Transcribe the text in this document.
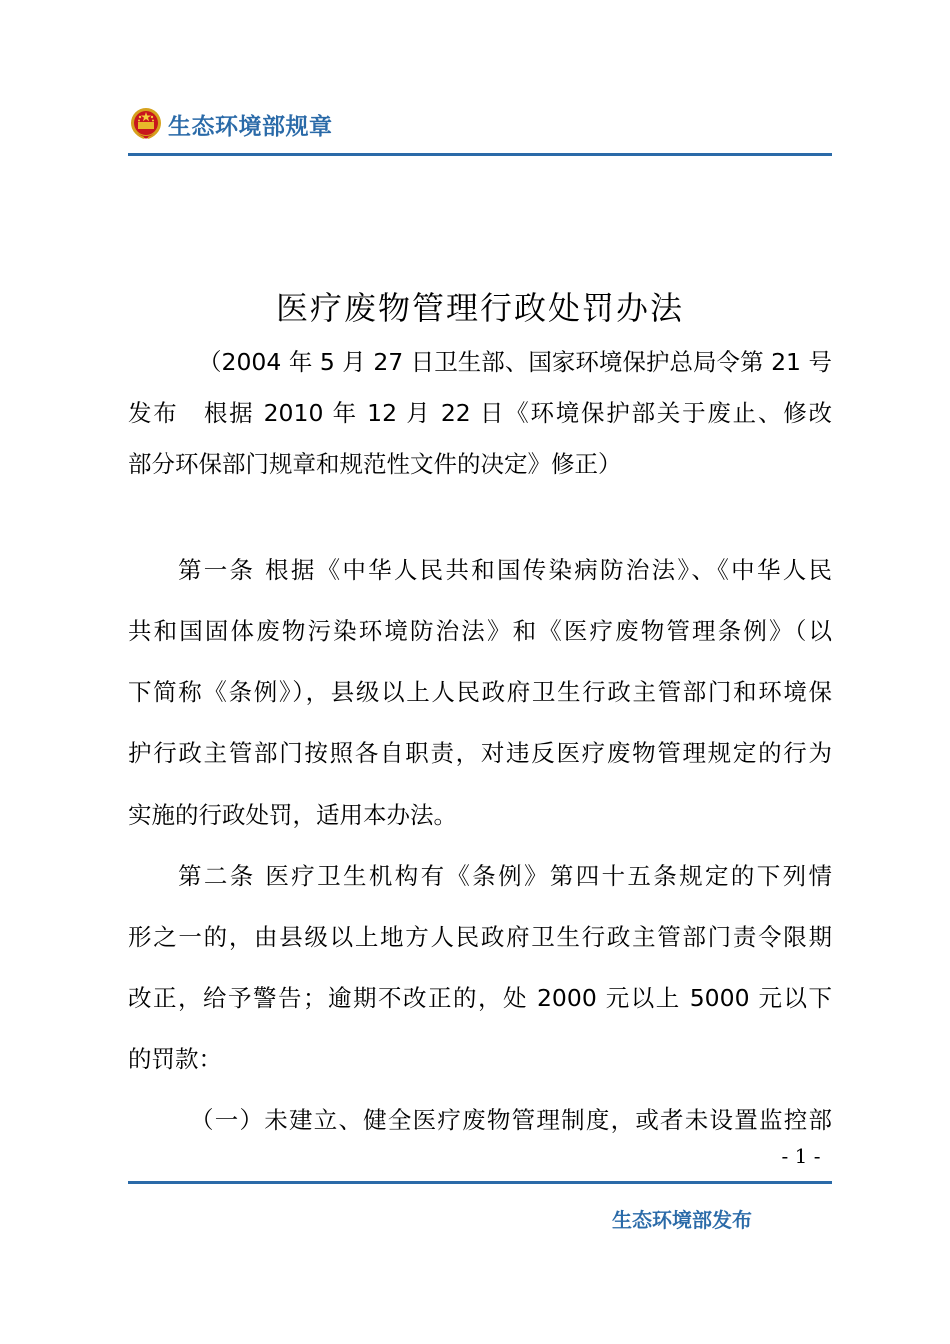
生态环境部规章
医疗废物管理行政处罚办法
（2004 年 5 月 27 日卫生部、国家环境保护总局令第 21 号
发布　根据 2010 年 12 月 22 日《环境保护部关于废止、修改
部分环保部门规章和规范性文件的决定》修正）
第一条 根据《中华人民共和国传染病防治法》、《中华人民
共和国固体废物污染环境防治法》和《医疗废物管理条例》（以
下简称《条例》），县级以上人民政府卫生行政主管部门和环境保
护行政主管部门按照各自职责，对违反医疗废物管理规定的行为
实施的行政处罚，适用本办法。
第二条 医疗卫生机构有《条例》第四十五条规定的下列情
形之一的，由县级以上地方人民政府卫生行政主管部门责令限期
改正，给予警告；逾期不改正的，处 2000 元以上 5000 元以下
的罚款：
（一）未建立、健全医疗废物管理制度，或者未设置监控部
- 1 -
生态环境部发布
